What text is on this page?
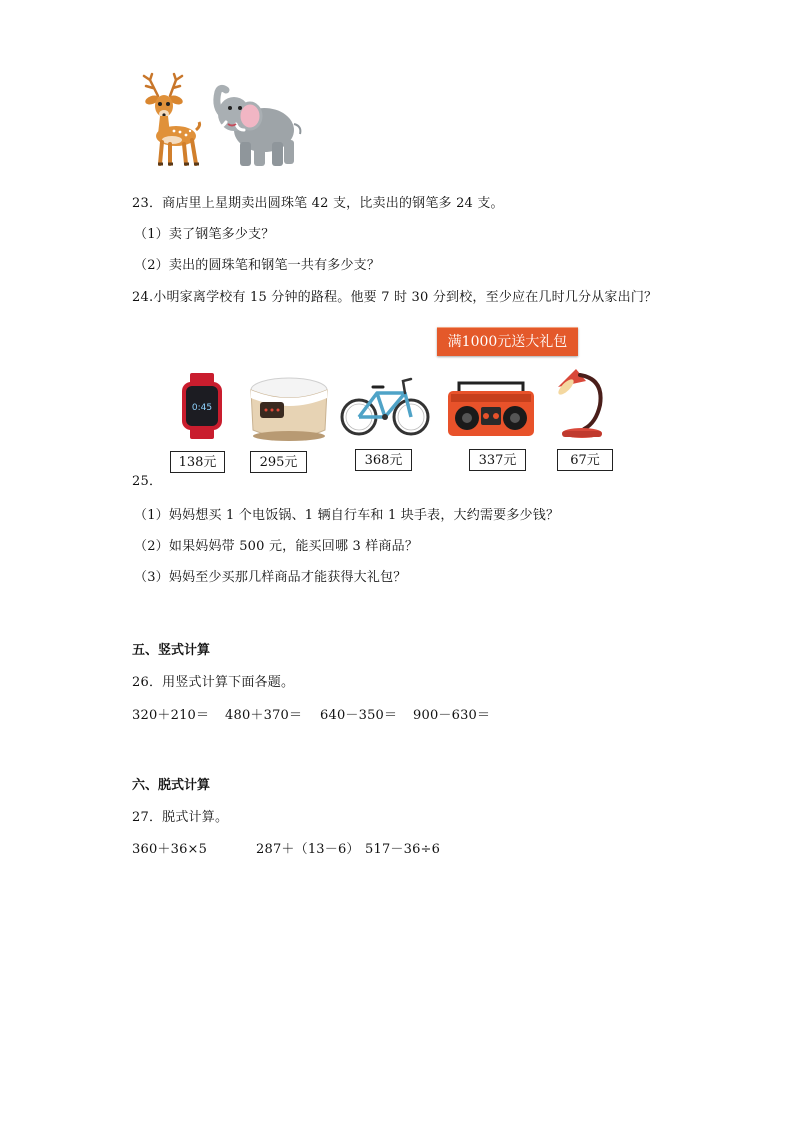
23．商店里上星期卖出圆珠笔 42 支，比卖出的钢笔多 24 支。
（1）卖了钢笔多少支？
（2）卖出的圆珠笔和钢笔一共有多少支？
24.小明家离学校有 15 分钟的路程。他要 7 时 30 分到校，至少应在几时几分从家出门？
满1000元送大礼包
0:45
138元	295元	368元	337元	67元
25．
（1）妈妈想买 1 个电饭锅、1 辆自行车和 1 块手表，大约需要多少钱？
（2）如果妈妈带 500 元，能买回哪 3 样商品？
（3）妈妈至少买那几样商品才能获得大礼包？
五、竖式计算
26．用竖式计算下面各题。
320＋210＝ 480＋370＝ 640－350＝ 900－630＝
六、脱式计算
27．脱式计算。
360＋36×5	287＋（13－6） 517－36÷6
